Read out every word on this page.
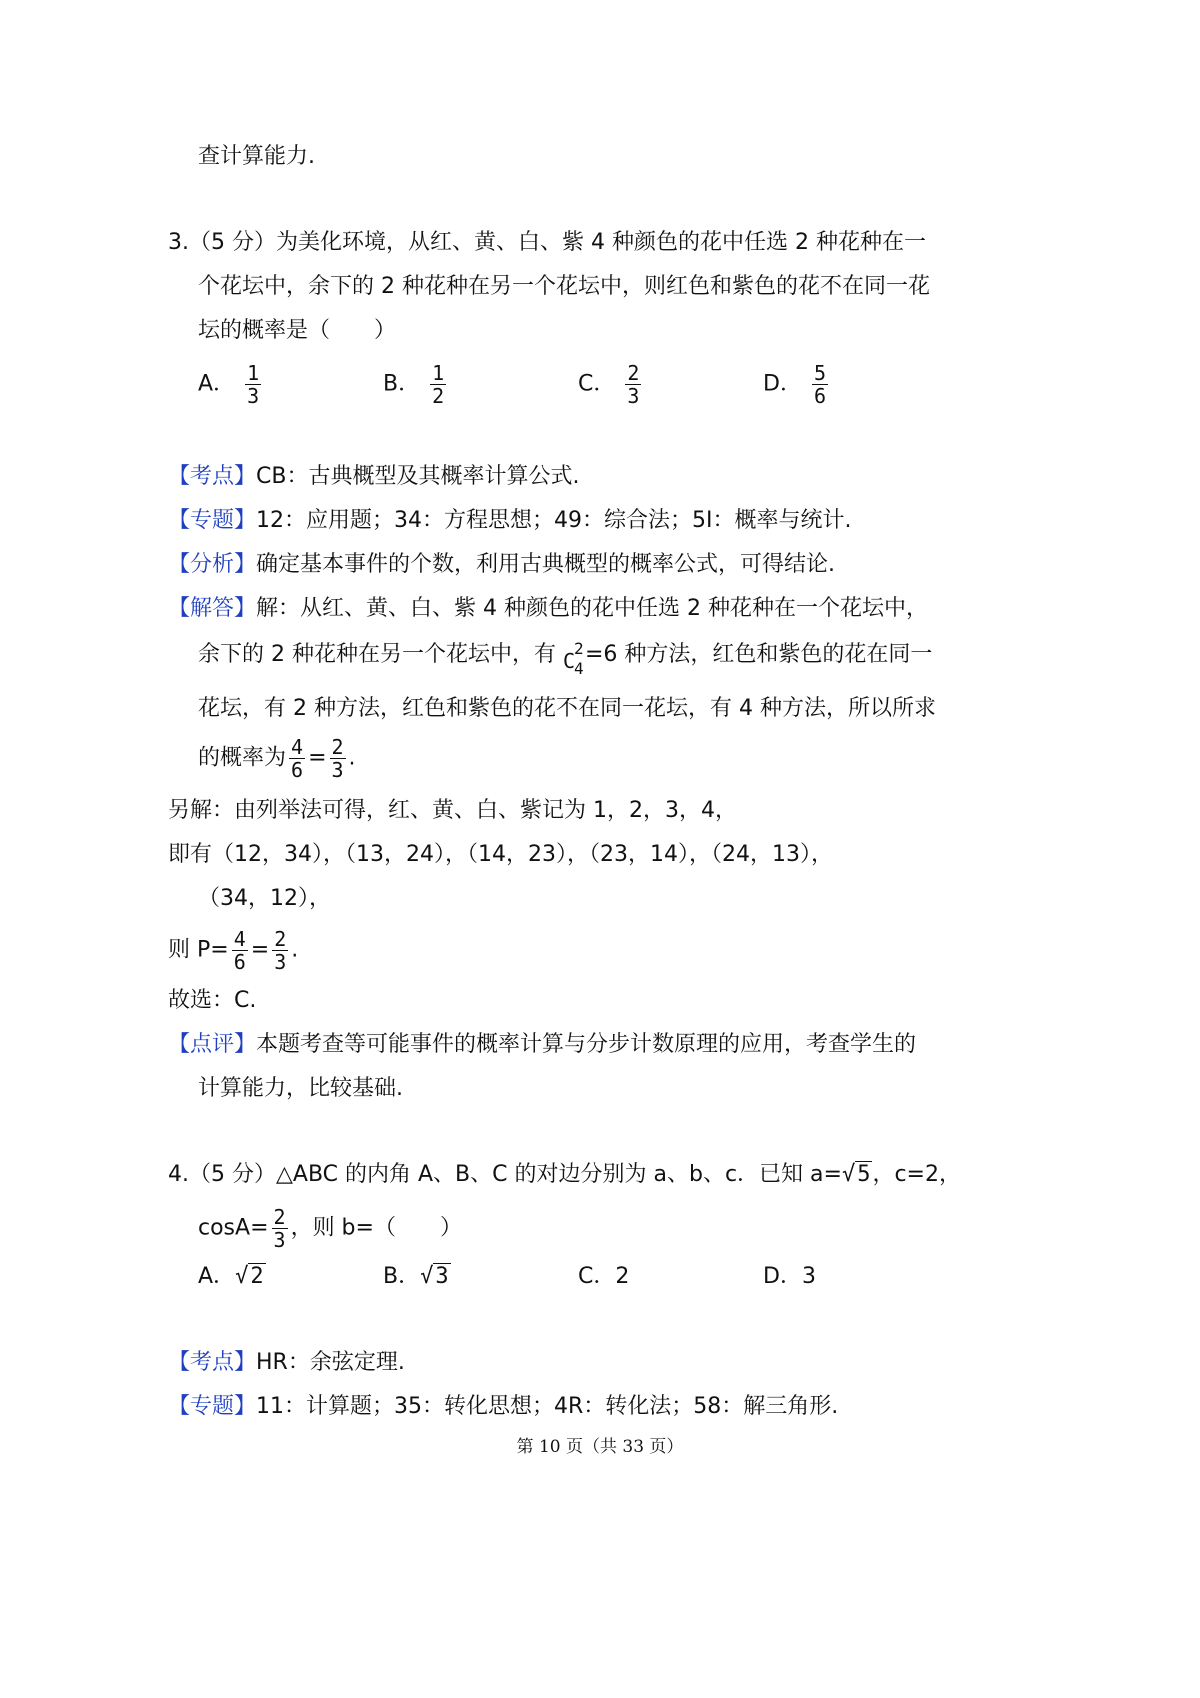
查计算能力.
3.（5 分）为美化环境，从红、黄、白、紫 4 种颜色的花中任选 2 种花种在一
个花坛中，余下的 2 种花种在另一个花坛中，则红色和紫色的花不在同一花
坛的概率是（　　）
A． $\frac{1}{3}$	B． $\frac{1}{2}$	C． $\frac{2}{3}$	D． $\frac{5}{6}$
【考点】CB：古典概型及其概率计算公式.
【专题】12：应用题；34：方程思想；49：综合法；5I：概率与统计.
【分析】确定基本事件的个数，利用古典概型的概率公式，可得结论.
【解答】解：从红、黄、白、紫 4 种颜色的花中任选 2 种花种在一个花坛中，
余下的 2 种花种在另一个花坛中，有 C
2
4
=6 种方法，红色和紫色的花在同一
花坛，有 2 种方法，红色和紫色的花不在同一花坛，有 4 种方法，所以所求
的概率为 $\frac{4}{6} = \frac{2}{3}$ .
另解：由列举法可得，红、黄、白、紫记为 1，2，3，4，
即有（12，34），（13，24），（14，23），（23，14），（24，13），
（34，12），
则 $P= \frac{4}{6} = \frac{2}{3}$ .
故选：C.
【点评】本题考查等可能事件的概率计算与分步计数原理的应用，考查学生的
计算能力，比较基础.
4.（5 分）△ABC 的内角 A、B、C 的对边分别为 a、b、c．已知 a=√5，c=2，
$\cos A= \frac{2}{3}$ ，则 b=（　　）
A．√2	B．√3	C．2	D．3
【考点】HR：余弦定理.
【专题】11：计算题；35：转化思想；4R：转化法；58：解三角形.
第 10 页（共 33 页）
